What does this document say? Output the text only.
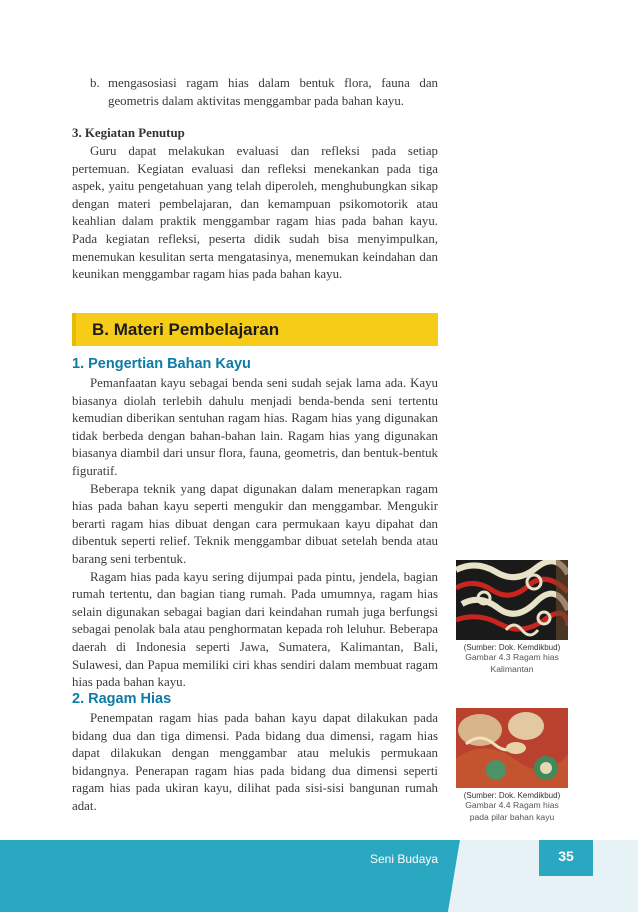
b. mengasosiasi ragam hias dalam bentuk flora, fauna dan geometris dalam aktivitas menggambar pada bahan kayu.

3. Kegiatan Penutup

Guru dapat melakukan evaluasi dan refleksi pada setiap pertemuan. Kegiatan evaluasi dan refleksi menekankan pada tiga aspek, yaitu pengetahuan yang telah diperoleh, menghubungkan sikap dengan materi pembelajaran, dan kemampuan psikomotorik atau keahlian dalam praktik menggambar ragam hias pada bahan kayu. Pada kegiatan refleksi, peserta didik sudah bisa menyimpulkan, menemukan kesulitan serta mengatasinya, menemukan keindahan dan keunikan menggambar ragam hias pada bahan kayu.

B. Materi Pembelajaran

1. Pengertian Bahan Kayu

Pemanfaatan kayu sebagai benda seni sudah sejak lama ada. Kayu biasanya diolah terlebih dahulu menjadi benda-benda seni tertentu kemudian diberikan sentuhan ragam hias. Ragam hias yang digunakan tidak berbeda dengan bahan-bahan lain. Ragam hias yang digunakan biasanya diambil dari unsur flora, fauna, geometris, dan bentuk-bentuk figuratif.

Beberapa teknik yang dapat digunakan dalam menerapkan ragam hias pada bahan kayu seperti mengukir dan menggambar. Mengukir berarti ragam hias dibuat dengan cara permukaan kayu dipahat dan dibentuk seperti relief. Teknik menggambar dibuat setelah benda atau barang seni terbentuk.

Ragam hias pada kayu sering dijumpai pada pintu, jendela, bagian rumah tertentu, dan bagian tiang rumah. Pada umumnya, ragam hias selain digunakan sebagai bagian dari keindahan rumah juga berfungsi sebagai penolak bala atau penghormatan kepada roh leluhur. Beberapa daerah di Indonesia seperti Jawa, Sumatera, Kalimantan, Bali, Sulawesi, dan Papua memiliki ciri khas sendiri dalam membuat ragam hias pada bahan kayu.

2. Ragam Hias

Penempatan ragam hias pada bahan kayu dapat dilakukan pada bidang dua dan tiga dimensi. Pada bidang dua dimensi, ragam hias dapat dilakukan dengan menggambar atau melukis permukaan bidangnya. Penerapan ragam hias pada bidang dua dimensi seperti ragam hias pada ukiran kayu, dilihat pada sisi-sisi bangunan rumah adat.

(Sumber: Dok. Kemdikbud)
Gambar 4.3 Ragam hias Kalimantan
(Sumber: Dok. Kemdikbud)
Gambar 4.4 Ragam hias pada pilar bahan kayu
35
Seni Budaya
